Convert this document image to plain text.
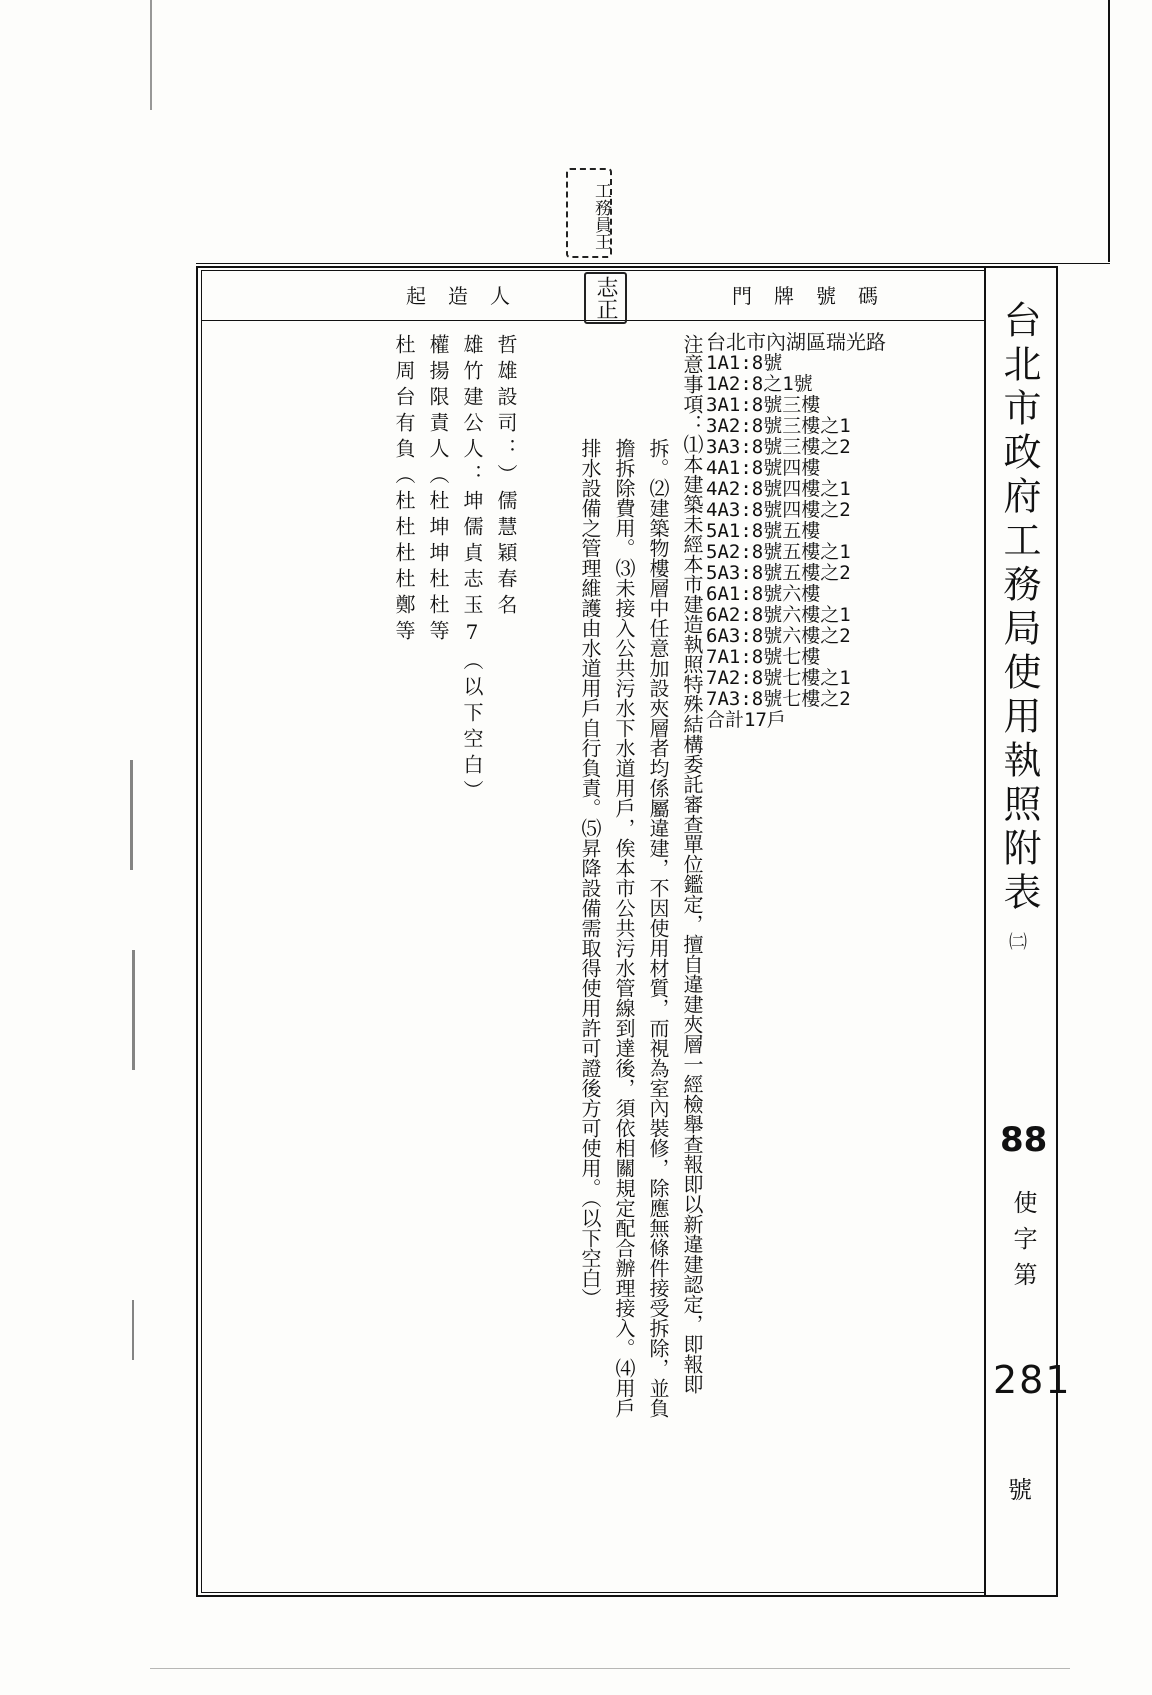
工務員王
志正
起造人	門牌號碼
台北市政府工務局使用執照附表
㈡
88
使字第
281
號
台北市內湖區瑞光路
1A1:8號
1A2:8之1號
3A1:8號三樓
3A2:8號三樓之1
3A3:8號三樓之2
4A1:8號四樓
4A2:8號四樓之1
4A3:8號四樓之2
5A1:8號五樓
5A2:8號五樓之1
5A3:8號五樓之2
6A1:8號六樓
6A2:8號六樓之1
6A3:8號六樓之2
7A1:8號七樓
7A2:8號七樓之1
7A3:8號七樓之2
合計17戶
注意事項：⑴本建築未經本市建造執照特殊結構委託審查單位鑑定，擅自違建夾層一經檢舉查報即以新違建認定，即報即
拆。⑵建築物樓層中任意加設夾層者均係屬違建，不因使用材質，而視為室內裝修，除應無條件接受拆除，並負
擔拆除費用。⑶未接入公共污水下水道用戶，俟本市公共污水管線到達後，須依相關規定配合辦理接入。⑷用戶
排水設備之管理維護由水道用戶自行負責。⑸昇降設備需取得使用許可證後方可使用。（以下空白）
哲雄設司：）儒慧穎春名
雄竹建公人：坤儒貞志玉7（以下空白）
權揚限責人（杜坤坤杜杜等
杜周台有負（杜杜杜杜鄭等
